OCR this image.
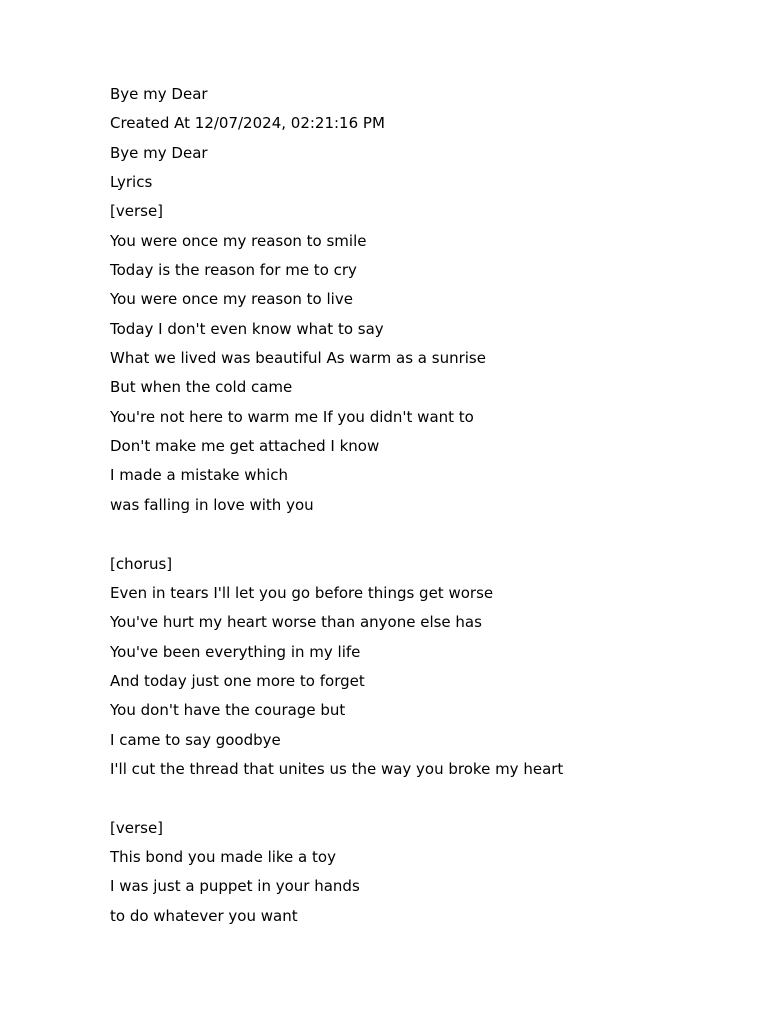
Bye my Dear
Created At 12/07/2024, 02:21:16 PM
Bye my Dear
Lyrics
[verse]
You were once my reason to smile
Today is the reason for me to cry
You were once my reason to live
Today I don't even know what to say
What we lived was beautiful As warm as a sunrise
But when the cold came
You're not here to warm me If you didn't want to
Don't make me get attached I know
I made a mistake which
was falling in love with you
[chorus]
Even in tears I'll let you go before things get worse
You've hurt my heart worse than anyone else has
You've been everything in my life
And today just one more to forget
You don't have the courage but
I came to say goodbye
I'll cut the thread that unites us the way you broke my heart
[verse]
This bond you made like a toy
I was just a puppet in your hands
to do whatever you want
